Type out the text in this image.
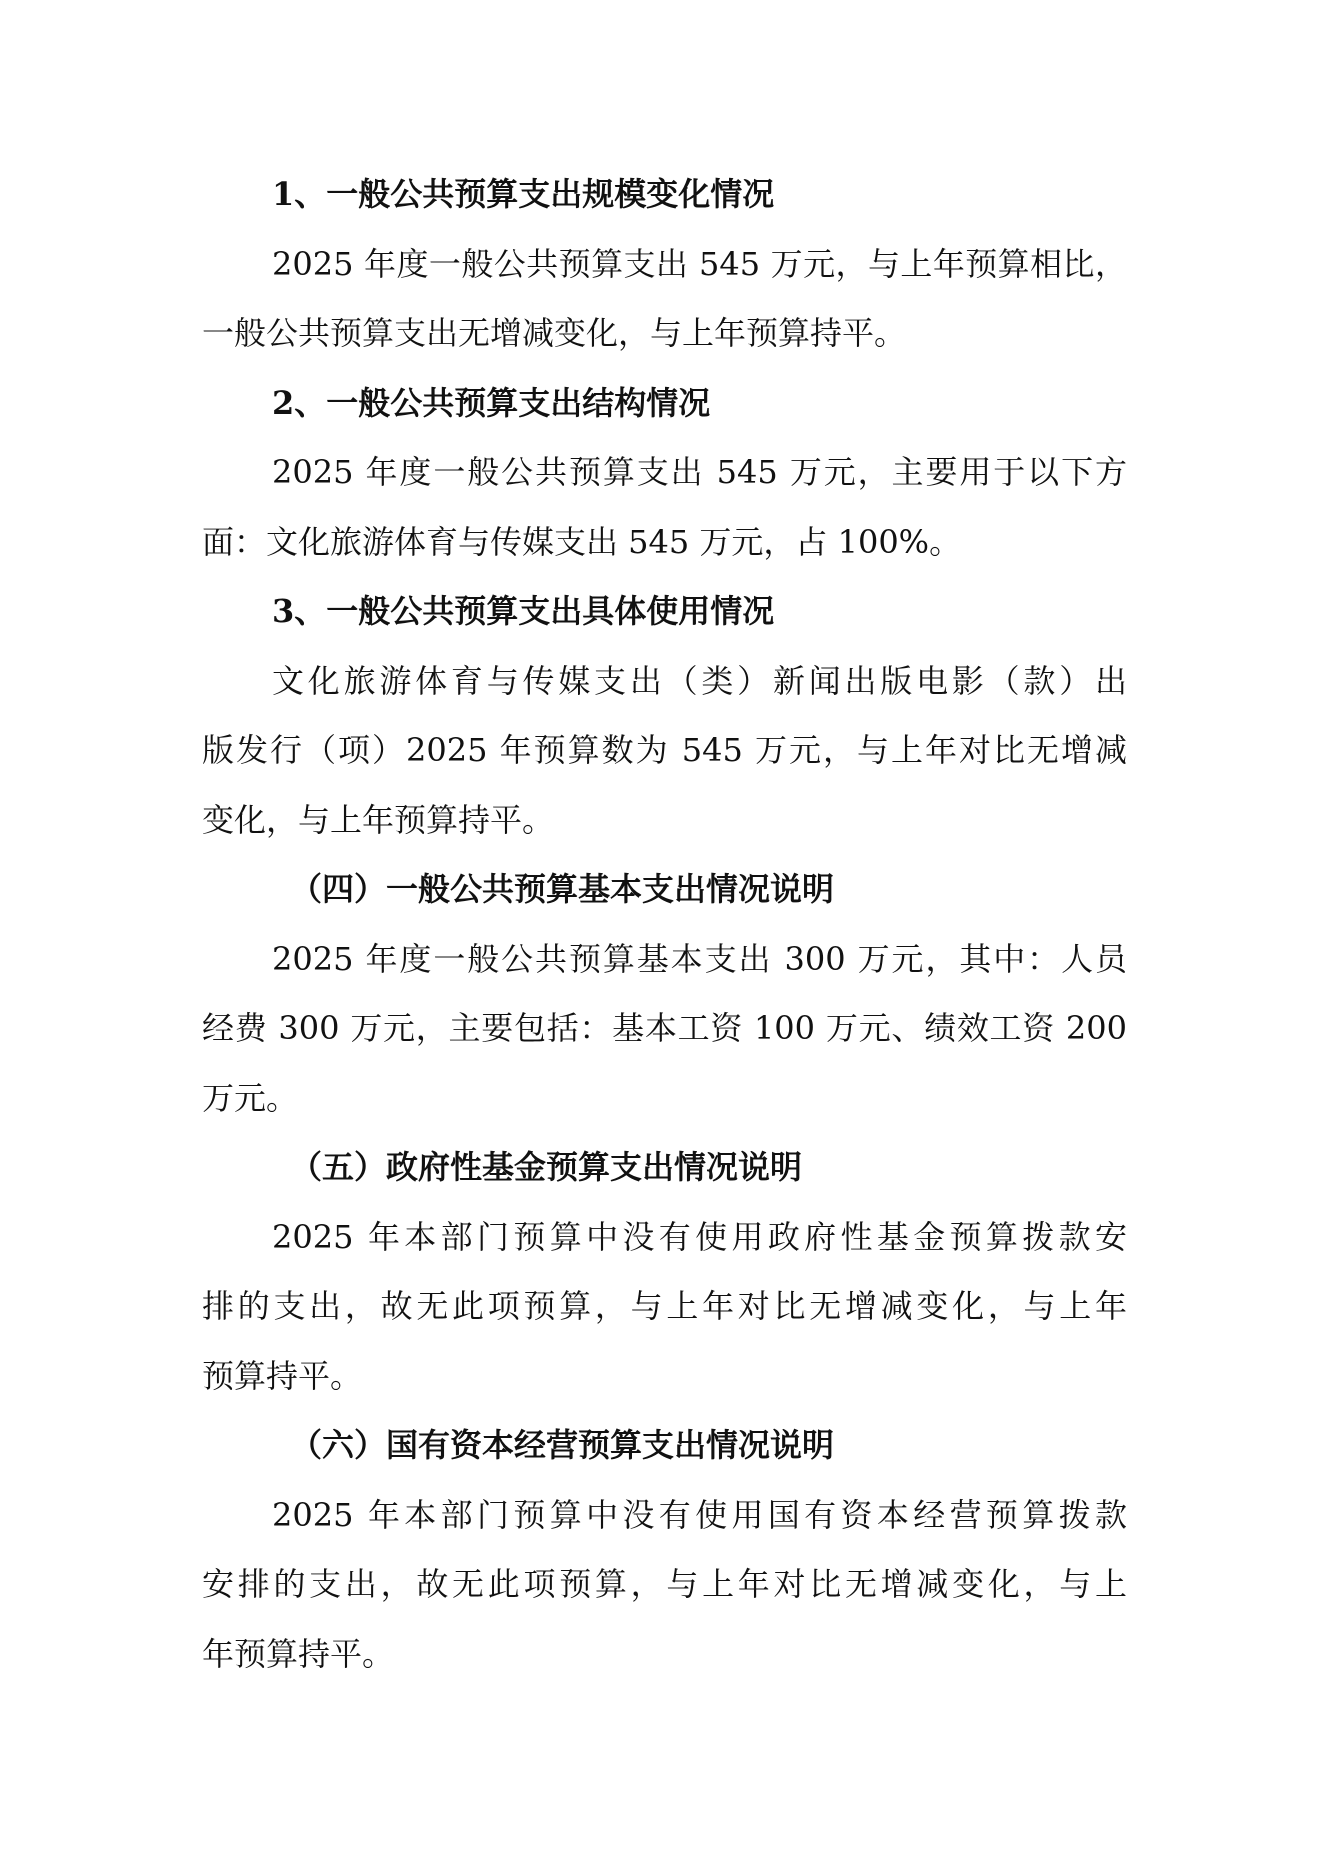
1、一般公共预算支出规模变化情况

2025 年度一般公共预算支出 545 万元，与上年预算相比，

一般公共预算支出无增减变化，与上年预算持平。

2、一般公共预算支出结构情况

2025 年度一般公共预算支出 545 万元，主要用于以下方

面：文化旅游体育与传媒支出 545 万元，占 100%。

3、一般公共预算支出具体使用情况

文化旅游体育与传媒支出（类）新闻出版电影（款）出

版发行（项）2025 年预算数为 545 万元，与上年对比无增减

变化，与上年预算持平。

（四）一般公共预算基本支出情况说明

2025 年度一般公共预算基本支出 300 万元，其中：人员

经费 300 万元，主要包括：基本工资 100 万元、绩效工资 200

万元。

（五）政府性基金预算支出情况说明

2025 年本部门预算中没有使用政府性基金预算拨款安

排的支出，故无此项预算，与上年对比无增减变化，与上年

预算持平。

（六）国有资本经营预算支出情况说明

2025 年本部门预算中没有使用国有资本经营预算拨款

安排的支出，故无此项预算，与上年对比无增减变化，与上

年预算持平。
